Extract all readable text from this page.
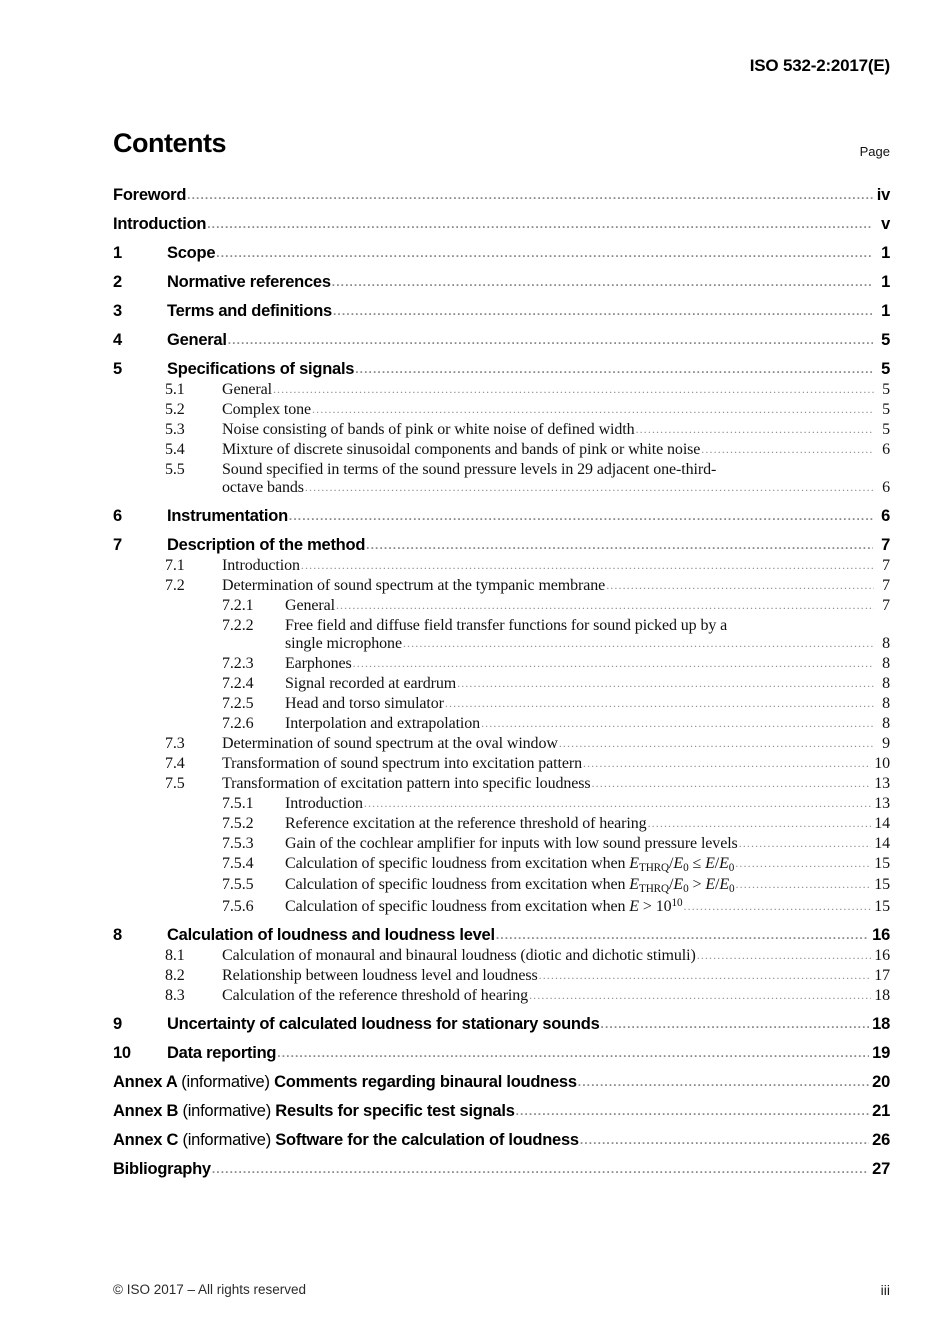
ISO 532-2:2017(E)
Contents	Page
Foreword .....	iv
Introduction .....	v
1	Scope .....	1
2	Normative references .....	1
3	Terms and definitions .....	1
4	General .....	5
5	Specifications of signals .....	5
5.1	General .....	5
5.2	Complex tone .....	5
5.3	Noise consisting of bands of pink or white noise of defined width .....	5
5.4	Mixture of discrete sinusoidal components and bands of pink or white noise .....	6
5.5	Sound specified in terms of the sound pressure levels in 29 adjacent one-third-
octave bands .....	6
6	Instrumentation .....	6
7	Description of the method .....	7
7.1	Introduction .....	7
7.2	Determination of sound spectrum at the tympanic membrane .....	7
7.2.1	General .....	7
7.2.2	Free field and diffuse field transfer functions for sound picked up by a
single microphone .....	8
7.2.3	Earphones .....	8
7.2.4	Signal recorded at eardrum .....	8
7.2.5	Head and torso simulator .....	8
7.2.6	Interpolation and extrapolation .....	8
7.3	Determination of sound spectrum at the oval window .....	9
7.4	Transformation of sound spectrum into excitation pattern .....	10
7.5	Transformation of excitation pattern into specific loudness .....	13
7.5.1	Introduction .....	13
7.5.2	Reference excitation at the reference threshold of hearing .....	14
7.5.3	Gain of the cochlear amplifier for inputs with low sound pressure levels .....	14
7.5.4	Calculation of specific loudness from excitation when $E_{THRQ}/E_0 \le E/E_0$ .....	15
7.5.5	Calculation of specific loudness from excitation when $E_{THRQ}/E_0 > E/E_0$ .....	15
7.5.6	Calculation of specific loudness from excitation when $E > 10^{10}$ .....	15
8	Calculation of loudness and loudness level .....	16
8.1	Calculation of monaural and binaural loudness (diotic and dichotic stimuli) .....	16
8.2	Relationship between loudness level and loudness .....	17
8.3	Calculation of the reference threshold of hearing .....	18
9	Uncertainty of calculated loudness for stationary sounds .....	18
10	Data reporting .....	19
Annex A (informative) Comments regarding binaural loudness .....	20
Annex B (informative) Results for specific test signals .....	21
Annex C (informative) Software for the calculation of loudness .....	26
Bibliography .....	27
© ISO 2017 – All rights reserved	iii
